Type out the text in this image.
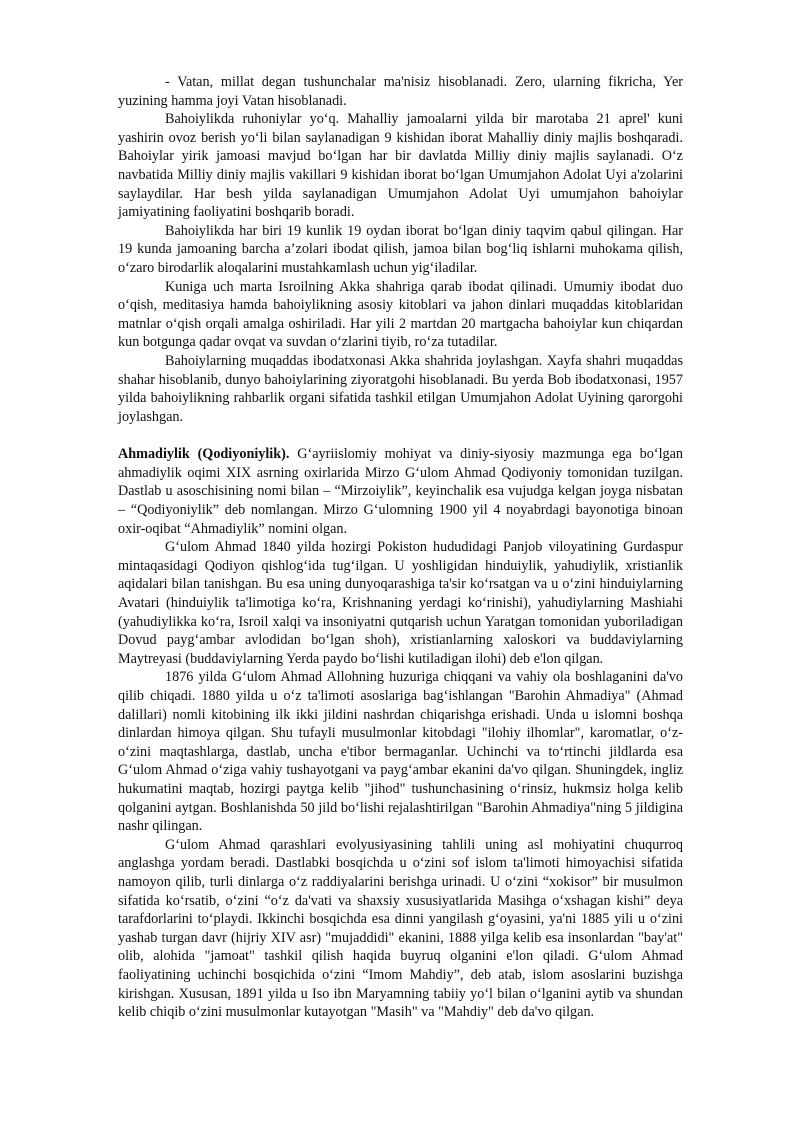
- Vatan, millat degan tushunchalar ma'nisiz hisoblanadi. Zero, ularning fikricha, Yer yuzining hamma joyi Vatan hisoblanadi.

Bahoiylikda ruhoniylar yo‘q. Mahalliy jamoalarni yilda bir marotaba 21 aprel' kuni yashirin ovoz berish yo‘li bilan saylanadigan 9 kishidan iborat Mahalliy diniy majlis boshqaradi. Bahoiylar yirik jamoasi mavjud bo‘lgan har bir davlatda Milliy diniy majlis saylanadi. O‘z navbatida Milliy diniy majlis vakillari 9 kishidan iborat bo‘lgan Umumjahon Adolat Uyi a'zolarini saylaydilar. Har besh yilda saylanadigan Umumjahon Adolat Uyi umumjahon bahoiylar jamiyatining faoliyatini boshqarib boradi.

Bahoiylikda har biri 19 kunlik 19 oydan iborat bo‘lgan diniy taqvim qabul qilingan. Har 19 kunda jamoaning barcha a’zolari ibodat qilish, jamoa bilan bog‘liq ishlarni muhokama qilish, o‘zaro birodarlik aloqalarini mustahkamlash uchun yig‘iladilar.

Kuniga uch marta Isroilning Akka shahriga qarab ibodat qilinadi. Umumiy ibodat duo o‘qish, meditasiya hamda bahoiylikning asosiy kitoblari va jahon dinlari muqaddas kitoblaridan matnlar o‘qish orqali amalga oshiriladi. Har yili 2 martdan 20 martgacha bahoiylar kun chiqardan kun botgunga qadar ovqat va suvdan o‘zlarini tiyib, ro‘za tutadilar.

Bahoiylarning muqaddas ibodatxonasi Akka shahrida joylashgan. Xayfa shahri muqaddas shahar hisoblanib, dunyo bahoiylarining ziyoratgohi hisoblanadi. Bu yerda Bob ibodatxonasi, 1957 yilda bahoiylikning rahbarlik organi sifatida tashkil etilgan Umumjahon Adolat Uyining qarorgohi joylashgan.

Ahmadiylik (Qodiyoniylik). G‘ayriislomiy mohiyat va diniy-siyosiy mazmunga ega bo‘lgan ahmadiylik oqimi XIX asrning oxirlarida Mirzo G‘ulom Ahmad Qodiyoniy tomonidan tuzilgan. Dastlab u asoschisining nomi bilan – “Mirzoiylik”, keyinchalik esa vujudga kelgan joyga nisbatan – “Qodiyoniylik” deb nomlangan. Mirzo G‘ulomning 1900 yil 4 noyabrdagi bayonotiga binoan oxir-oqibat “Ahmadiylik” nomini olgan.

G‘ulom Ahmad 1840 yilda hozirgi Pokiston hududidagi Panjob viloyatining Gurdaspur mintaqasidagi Qodiyon qishlog‘ida tug‘ilgan. U yoshligidan hinduiylik, yahudiylik, xristianlik aqidalari bilan tanishgan. Bu esa uning dunyoqarashiga ta'sir ko‘rsatgan va u o‘zini hinduiylarning Avatari (hinduiylik ta'limotiga ko‘ra, Krishnaning yerdagi ko‘rinishi), yahudiylarning Mashiahi (yahudiylikka ko‘ra, Isroil xalqi va insoniyatni qutqarish uchun Yaratgan tomonidan yuboriladigan Dovud payg‘ambar avlodidan bo‘lgan shoh), xristianlarning xaloskori va buddaviylarning Maytreyasi (buddaviylarning Yerda paydo bo‘lishi kutiladigan ilohi) deb e'lon qilgan.

1876 yilda G‘ulom Ahmad Allohning huzuriga chiqqani va vahiy ola boshlaganini da'vo qilib chiqadi. 1880 yilda u o‘z ta'limoti asoslariga bag‘ishlangan "Barohin Ahmadiya" (Ahmad dalillari) nomli kitobining ilk ikki jildini nashrdan chiqarishga erishadi. Unda u islomni boshqa dinlardan himoya qilgan. Shu tufayli musulmonlar kitobdagi "ilohiy ilhomlar", karomatlar, o‘z-o‘zini maqtashlarga, dastlab, uncha e'tibor bermaganlar. Uchinchi va to‘rtinchi jildlarda esa G‘ulom Ahmad o‘ziga vahiy tushayotgani va payg‘ambar ekanini da'vo qilgan. Shuningdek, ingliz hukumatini maqtab, hozirgi paytga kelib "jihod" tushunchasining o‘rinsiz, hukmsiz holga kelib qolganini aytgan. Boshlanishda 50 jild bo‘lishi rejalashtirilgan "Barohin Ahmadiya"ning 5 jildigina nashr qilingan.

G‘ulom Ahmad qarashlari evolyusiyasining tahlili uning asl mohiyatini chuqurroq anglashga yordam beradi. Dastlabki bosqichda u o‘zini sof islom ta'limoti himoyachisi sifatida namoyon qilib, turli dinlarga o‘z raddiyalarini berishga urinadi. U o‘zini “xokisor” bir musulmon sifatida ko‘rsatib, o‘zini “o‘z da'vati va shaxsiy xususiyatlarida Masihga o‘xshagan kishi” deya tarafdorlarini to‘playdi. Ikkinchi bosqichda esa dinni yangilash g‘oyasini, ya'ni 1885 yili u o‘zini yashab turgan davr (hijriy XIV asr) "mujaddidi" ekanini, 1888 yilga kelib esa insonlardan "bay'at" olib, alohida "jamoat" tashkil qilish haqida buyruq olganini e'lon qiladi. G‘ulom Ahmad faoliyatining uchinchi bosqichida o‘zini “Imom Mahdiy”, deb atab, islom asoslarini buzishga kirishgan. Xususan, 1891 yilda u Iso ibn Maryamning tabiiy yo‘l bilan o‘lganini aytib va shundan kelib chiqib o‘zini musulmonlar kutayotgan "Masih" va "Mahdiy" deb da'vo qilgan.
